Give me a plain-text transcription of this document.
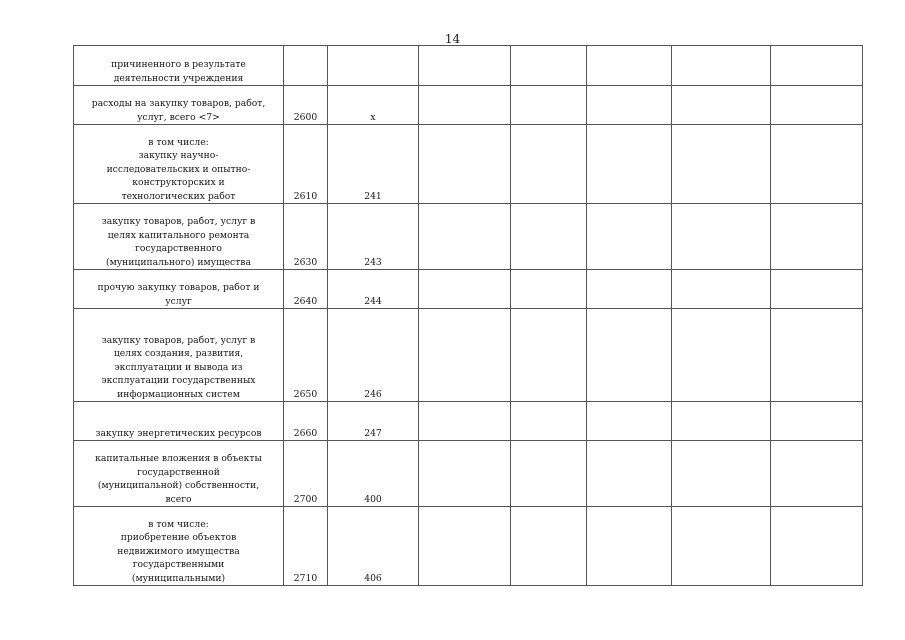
14
причиненного в результате
деятельности учреждения								

расходы на закупку товаров, работ,
услуг, всего <7>	2600	x						

в том числе:
закупку научно-
исследовательских и опытно-
конструкторских и
технологических работ	2610	241						

закупку товаров, работ, услуг в
целях капитального ремонта
государственного
(муниципального) имущества	2630	243						

прочую закупку товаров, работ и
услуг	2640	244						

закупку товаров, работ, услуг в
целях создания, развития,
эксплуатации и вывода из
эксплуатации государственных
информационных систем	2650	246						

закупку энергетических ресурсов	2660	247						

капитальные вложения в объекты
государственной
(муниципальной) собственности,
всего	2700	400						

в том числе:
приобретение объектов
недвижимого имущества
государственными
(муниципальными)	2710	406						
